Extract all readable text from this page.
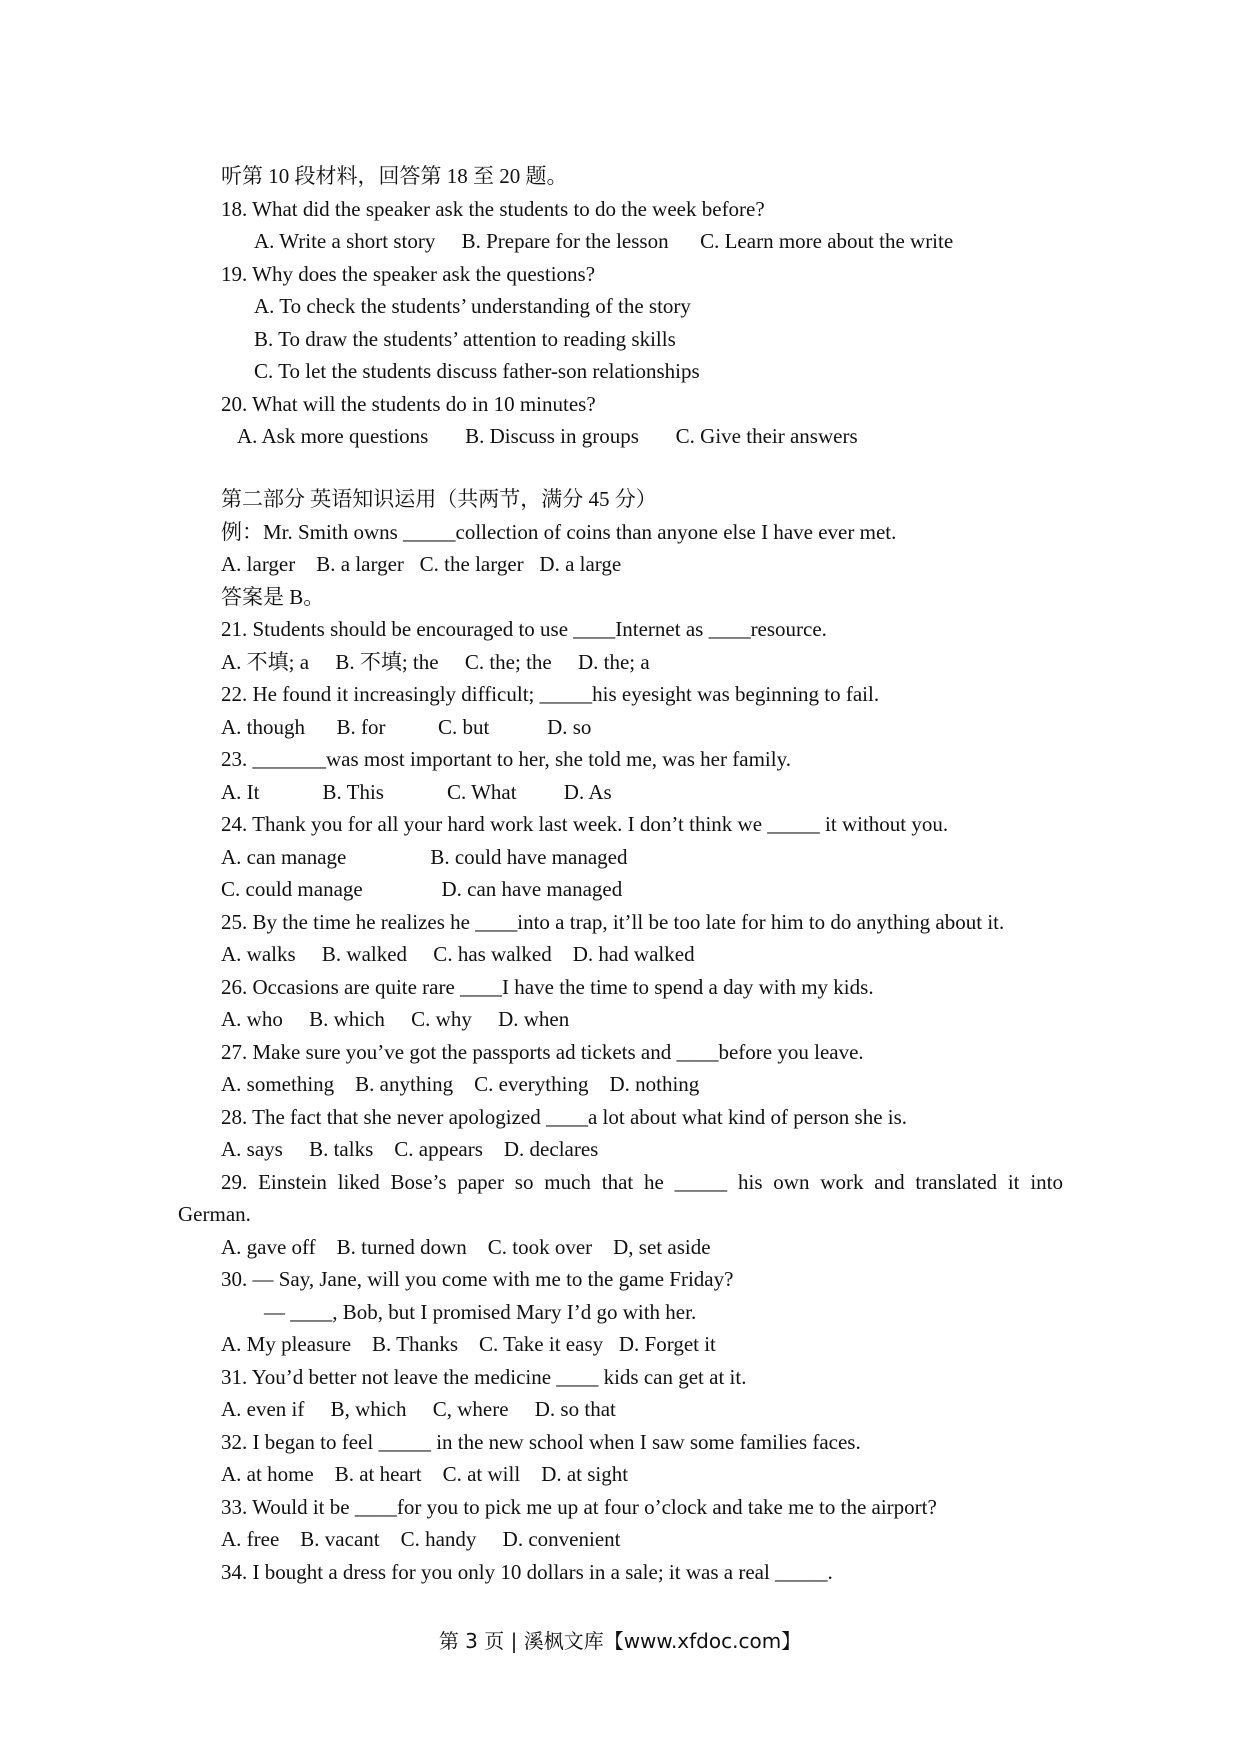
听第 10 段材料，回答第 18 至 20 题。
18. What did the speaker ask the students to do the week before?
A. Write a short story     B. Prepare for the lesson      C. Learn more about the write
19. Why does the speaker ask the questions?
A. To check the students’ understanding of the story
B. To draw the students’ attention to reading skills
C. To let the students discuss father-son relationships
20. What will the students do in 10 minutes?
A. Ask more questions       B. Discuss in groups       C. Give their answers
第二部分 英语知识运用（共两节，满分 45 分）
例：Mr. Smith owns _____collection of coins than anyone else I have ever met.
A. larger    B. a larger   C. the larger   D. a large
答案是 B。
21. Students should be encouraged to use ____Internet as ____resource.
A. 不填; a     B. 不填; the     C. the; the     D. the; a
22. He found it increasingly difficult; _____his eyesight was beginning to fail.
A. though      B. for          C. but           D. so
23. _______was most important to her, she told me, was her family.
A. It            B. This            C. What         D. As
24. Thank you for all your hard work last week. I don’t think we _____ it without you.
A. can manage                B. could have managed
C. could manage               D. can have managed
25. By the time he realizes he ____into a trap, it’ll be too late for him to do anything about it.
A. walks     B. walked     C. has walked    D. had walked
26. Occasions are quite rare ____I have the time to spend a day with my kids.
A. who     B. which     C. why     D. when
27. Make sure you’ve got the passports ad tickets and ____before you leave.
A. something    B. anything    C. everything    D. nothing
28. The fact that she never apologized ____a lot about what kind of person she is.
A. says     B. talks    C. appears    D. declares
29. Einstein liked Bose’s paper so much that he _____ his own work and translated it into
German.
A. gave off    B. turned down    C. took over    D, set aside
30. — Say, Jane, will you come with me to the game Friday?
— ____, Bob, but I promised Mary I’d go with her.
A. My pleasure    B. Thanks    C. Take it easy   D. Forget it
31. You’d better not leave the medicine ____ kids can get at it.
A. even if     B, which     C, where     D. so that
32. I began to feel _____ in the new school when I saw some families faces.
A. at home    B. at heart    C. at will    D. at sight
33. Would it be ____for you to pick me up at four o’clock and take me to the airport?
A. free    B. vacant    C. handy     D. convenient
34. I bought a dress for you only 10 dollars in a sale; it was a real _____.
第 3 页 | 溪枫文库【www.xfdoc.com】
